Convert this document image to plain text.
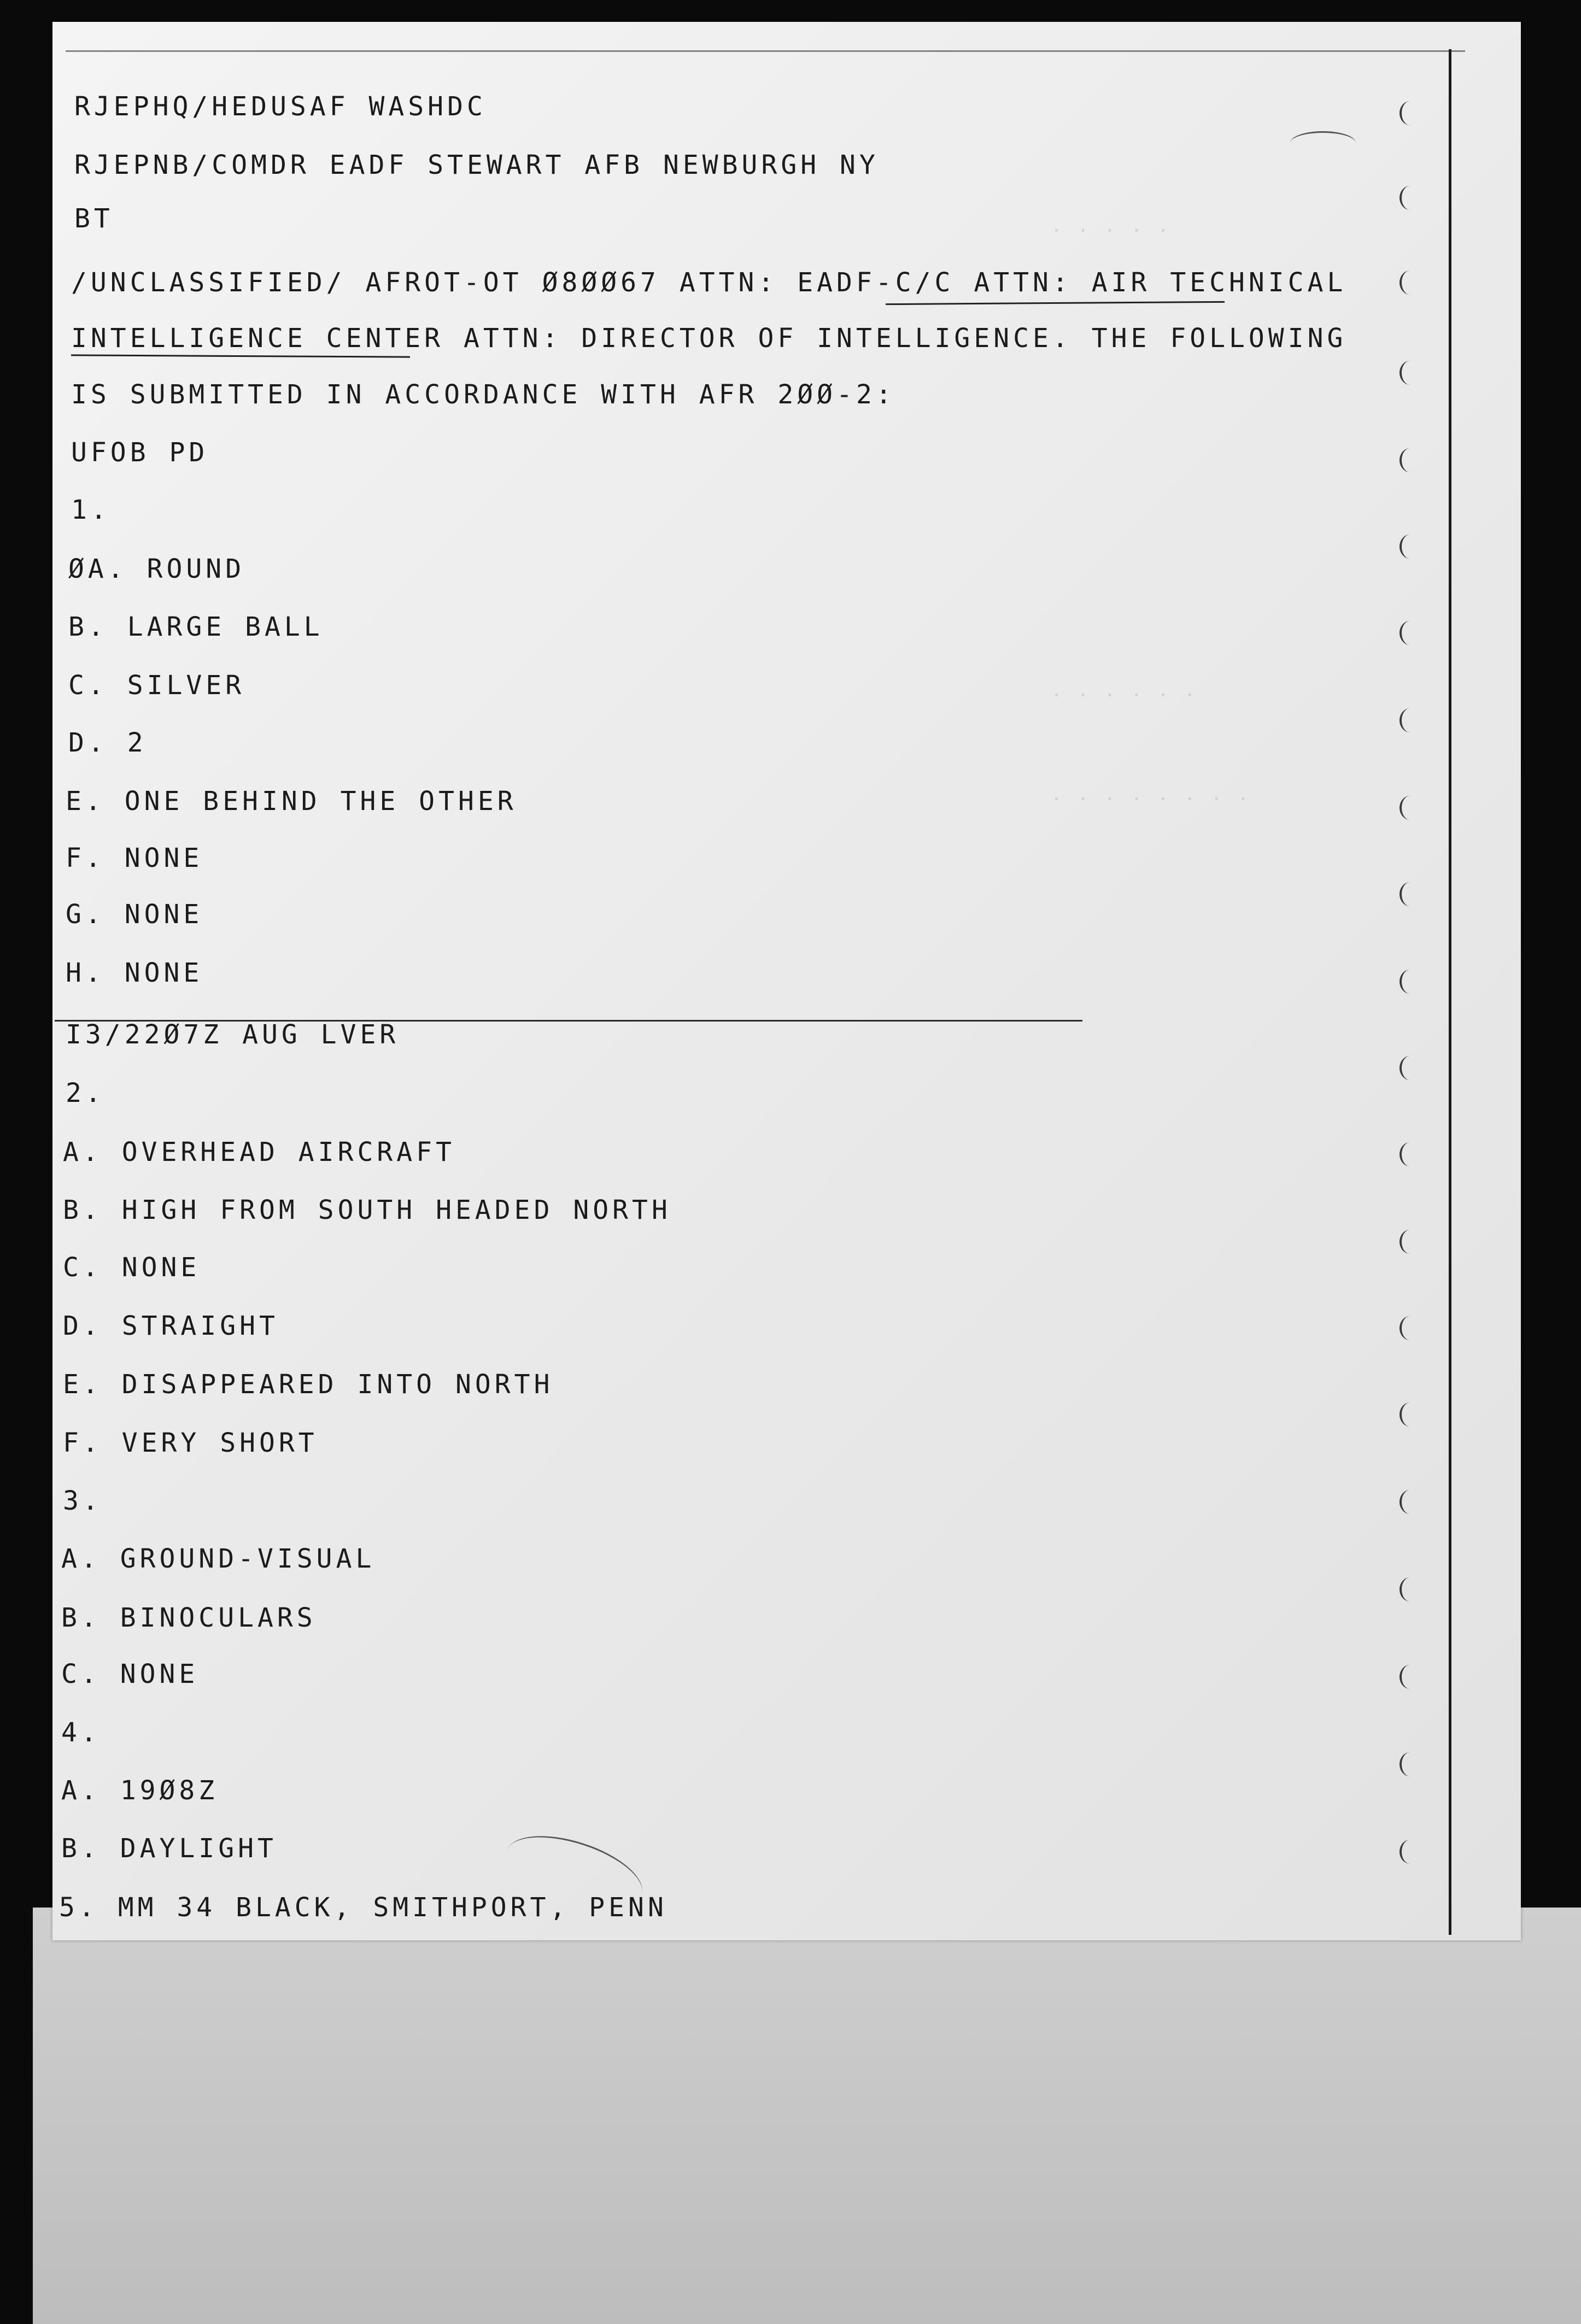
‧ ‧ ‧ ‧ ‧
‧ ‧ ‧ ‧ ‧ ‧
‧ ‧ ‧ ‧ ‧ ‧ ‧ ‧
RJEPHQ/HEDUSAF WASHDC
RJEPNB/COMDR EADF STEWART AFB NEWBURGH NY
BT
/UNCLASSIFIED/ AFROT-OT Ø8ØØ67 ATTN: EADF-C/C ATTN: AIR TECHNICAL
INTELLIGENCE CENTER ATTN: DIRECTOR OF INTELLIGENCE. THE FOLLOWING
IS SUBMITTED IN ACCORDANCE WITH AFR 2ØØ-2:
UFOB PD
1.
ØA. ROUND
B. LARGE BALL
C. SILVER
D. 2
E. ONE BEHIND THE OTHER
F. NONE
G. NONE
H. NONE
I3/22Ø7Z AUG LVER
2.
A. OVERHEAD AIRCRAFT
B. HIGH FROM SOUTH HEADED NORTH
C. NONE
D. STRAIGHT
E. DISAPPEARED INTO NORTH
F. VERY SHORT
3.
A. GROUND-VISUAL
B. BINOCULARS
C. NONE
4.
A. 19Ø8Z
B. DAYLIGHT
5. MM 34 BLACK, SMITHPORT, PENN
